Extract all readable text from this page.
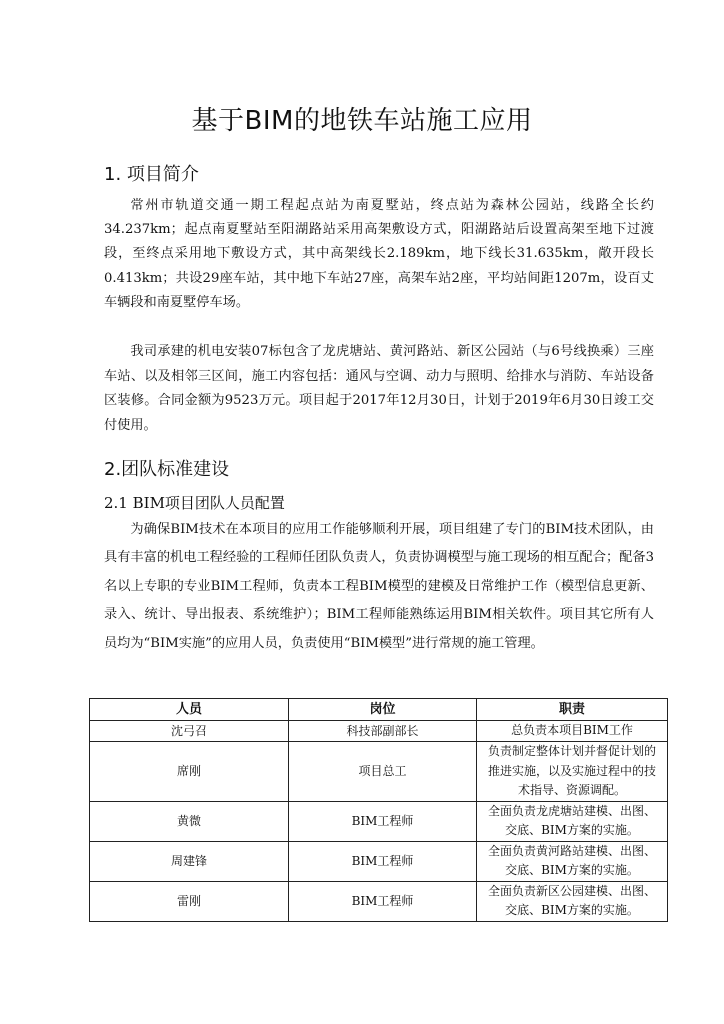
基于BIM的地铁车站施工应用
1. 项目简介

常州市轨道交通一期工程起点站为南夏墅站，终点站为森林公园站，线路全长约34.237km；起点南夏墅站至阳湖路站采用高架敷设方式，阳湖路站后设置高架至地下过渡段，至终点采用地下敷设方式，其中高架线长2.189km，地下线长31.635km，敞开段长0.413km；共设29座车站，其中地下车站27座，高架车站2座，平均站间距1207m，设百丈车辆段和南夏墅停车场。

我司承建的机电安装07标包含了龙虎塘站、黄河路站、新区公园站（与6号线换乘）三座车站、以及相邻三区间，施工内容包括：通风与空调、动力与照明、给排水与消防、车站设备区装修。合同金额为9523万元。项目起于2017年12月30日，计划于2019年6月30日竣工交付使用。

2.团队标准建设
2.1 BIM项目团队人员配置

为确保BIM技术在本项目的应用工作能够顺利开展，项目组建了专门的BIM技术团队，由具有丰富的机电工程经验的工程师任团队负责人，负责协调模型与施工现场的相互配合；配备3名以上专职的专业BIM工程师，负责本工程BIM模型的建模及日常维护工作（模型信息更新、录入、统计、导出报表、系统维护）；BIM工程师能熟练运用BIM相关软件。项目其它所有人员均为“BIM实施”的应用人员，负责使用“BIM模型”进行常规的施工管理。

人员	岗位	职责
沈弓召	科技部副部长	总负责本项目BIM工作
席刚	项目总工	负责制定整体计划并督促计划的推进实施，以及实施过程中的技术指导、资源调配。
黄微	BIM工程师	全面负责龙虎塘站建模、出图、交底、BIM方案的实施。
周建锋	BIM工程师	全面负责黄河路站建模、出图、交底、BIM方案的实施。
雷刚	BIM工程师	全面负责新区公园建模、出图、交底、BIM方案的实施。
